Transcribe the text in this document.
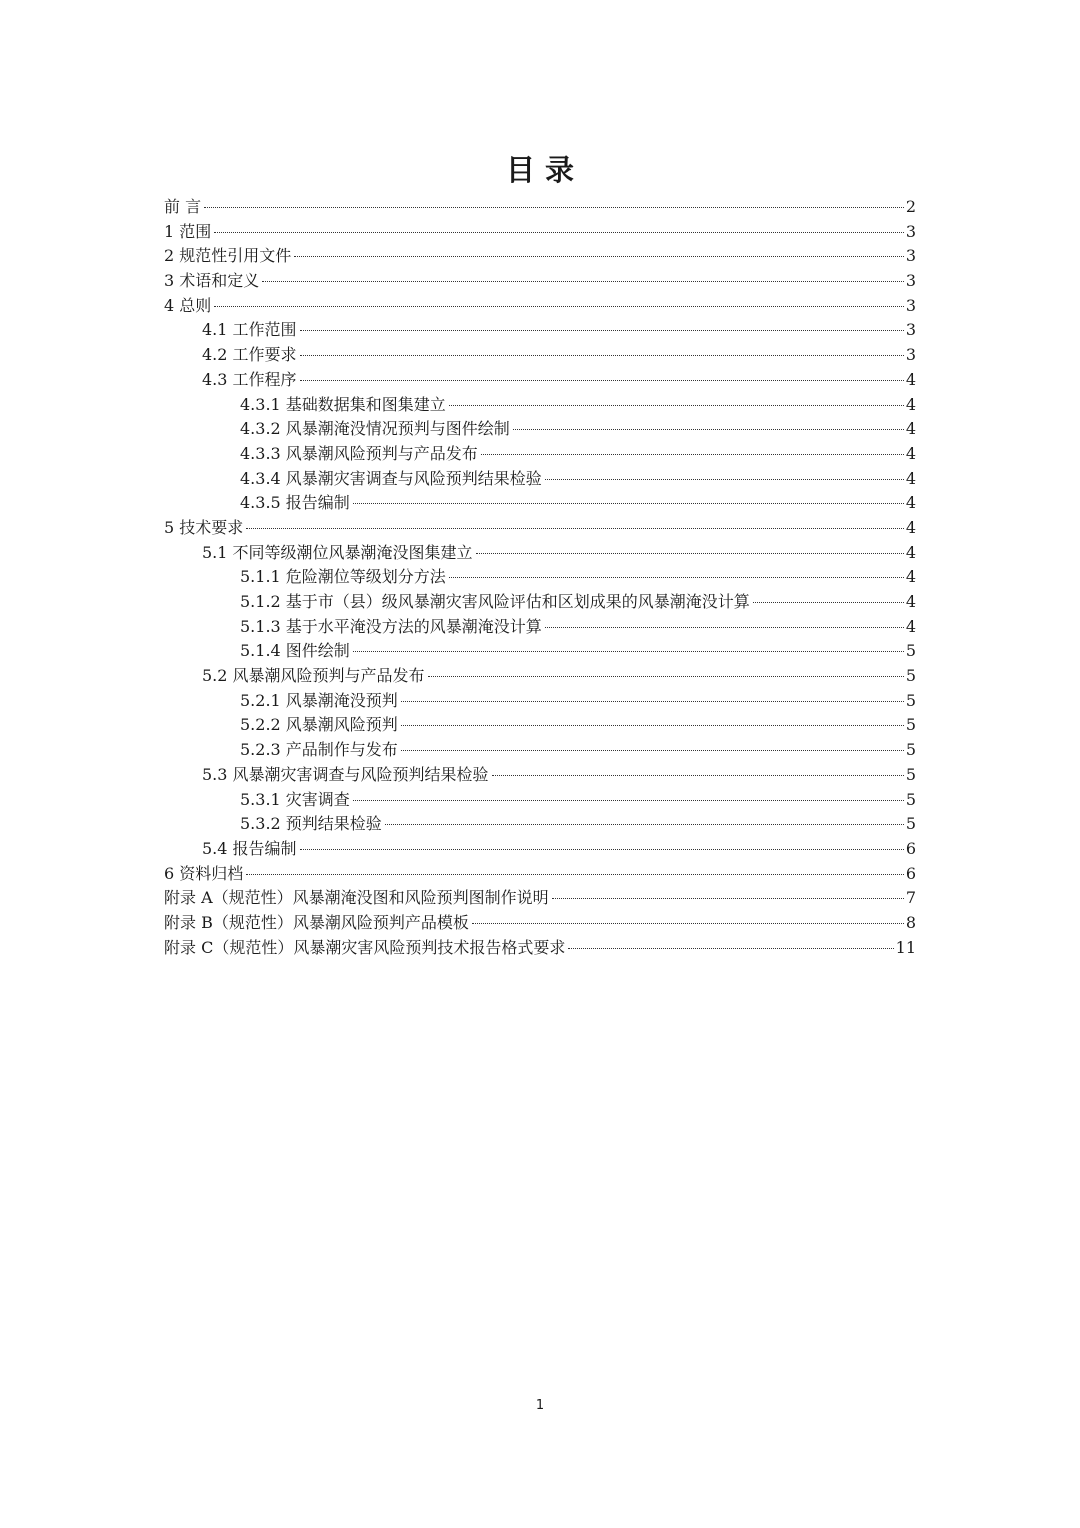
目 录
前 言	2
1 范围	3
2 规范性引用文件	3
3 术语和定义	3
4 总则	3
4.1 工作范围	3
4.2 工作要求	3
4.3 工作程序	4
4.3.1 基础数据集和图集建立	4
4.3.2 风暴潮淹没情况预判与图件绘制	4
4.3.3 风暴潮风险预判与产品发布	4
4.3.4 风暴潮灾害调查与风险预判结果检验	4
4.3.5 报告编制	4
5 技术要求	4
5.1 不同等级潮位风暴潮淹没图集建立	4
5.1.1 危险潮位等级划分方法	4
5.1.2 基于市（县）级风暴潮灾害风险评估和区划成果的风暴潮淹没计算	4
5.1.3 基于水平淹没方法的风暴潮淹没计算	4
5.1.4 图件绘制	5
5.2 风暴潮风险预判与产品发布	5
5.2.1 风暴潮淹没预判	5
5.2.2 风暴潮风险预判	5
5.2.3 产品制作与发布	5
5.3 风暴潮灾害调查与风险预判结果检验	5
5.3.1 灾害调查	5
5.3.2 预判结果检验	5
5.4 报告编制	6
6 资料归档	6
附录 A（规范性）风暴潮淹没图和风险预判图制作说明	7
附录 B（规范性）风暴潮风险预判产品模板	8
附录 C（规范性）风暴潮灾害风险预判技术报告格式要求	11
1
